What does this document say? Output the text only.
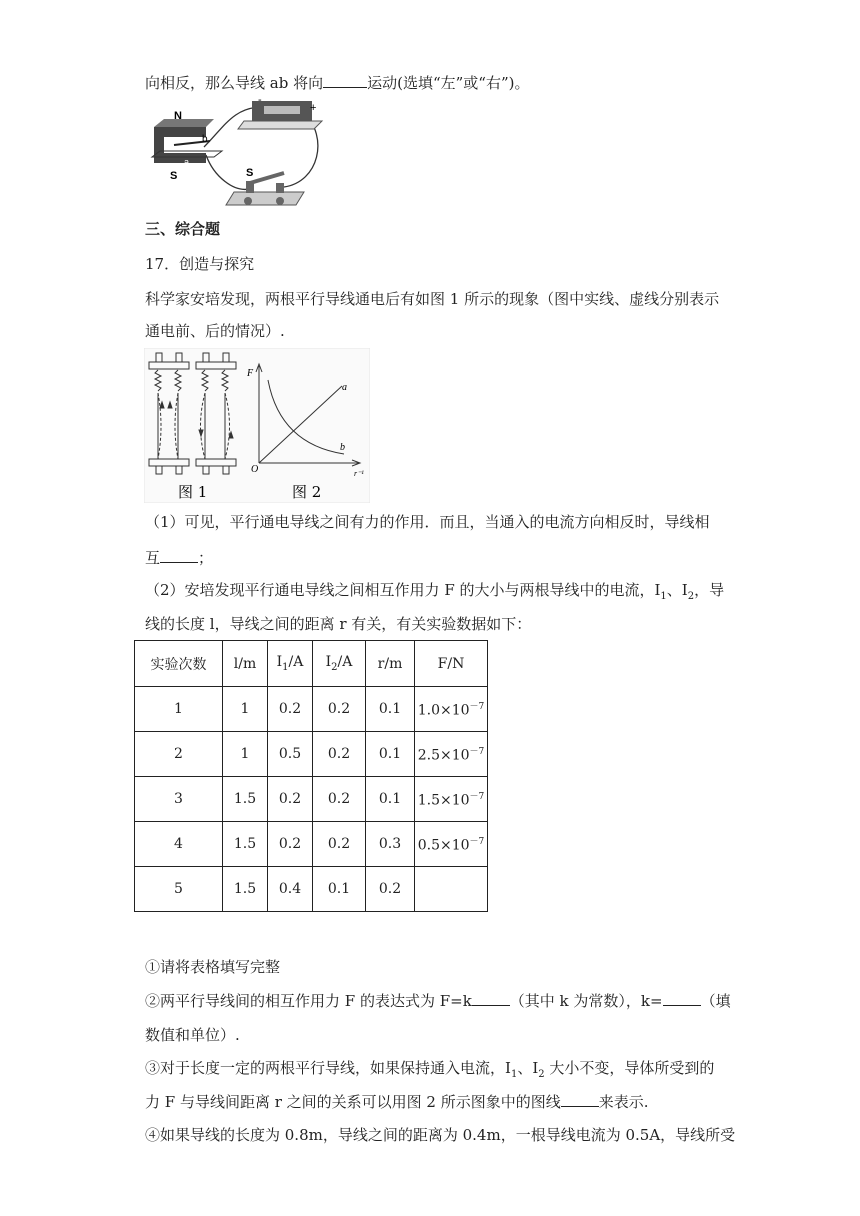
向相反，那么导线 ab 将向	运动(选填“左”或“右”)。
N
b
a
S	S
-
+
三、综合题
17．创造与探究
科学家安培发现，两根平行导线通电后有如图 1 所示的现象（图中实线、虚线分别表示
通电前、后的情况）.
F
O
a
b
r⁻¹
图 1	图 2
（1）可见，平行通电导线之间有力的作用．而且，当通入的电流方向相反时，导线相
互	；
（2）安培发现平行通电导线之间相互作用力 F 的大小与两根导线中的电流，$I_1$、$I_2$，导
线的长度 l，导线之间的距离 r 有关，有关实验数据如下：
实验次数	l/m	$I_1/A$	$I_2/A$	r/m	F/N
1	1	0.2	0.2	0.1	$1.0\times 10^{-7}$
2	1	0.5	0.2	0.1	$2.5\times 10^{-7}$
3	1.5	0.2	0.2	0.1	$1.5\times 10^{-7}$
4	1.5	0.2	0.2	0.3	$0.5\times 10^{-7}$
5	1.5	0.4	0.1	0.2	
①请将表格填写完整
②两平行导线间的相互作用力 F 的表达式为 F=k	（其中 k 为常数），k=	（填
数值和单位）.
③对于长度一定的两根平行导线，如果保持通入电流，$I_1$、$I_2$ 大小不变，导体所受到的
力 F 与导线间距离 r 之间的关系可以用图 2 所示图象中的图线	来表示.
④如果导线的长度为 0.8m，导线之间的距离为 0.4m，一根导线电流为 0.5A，导线所受
